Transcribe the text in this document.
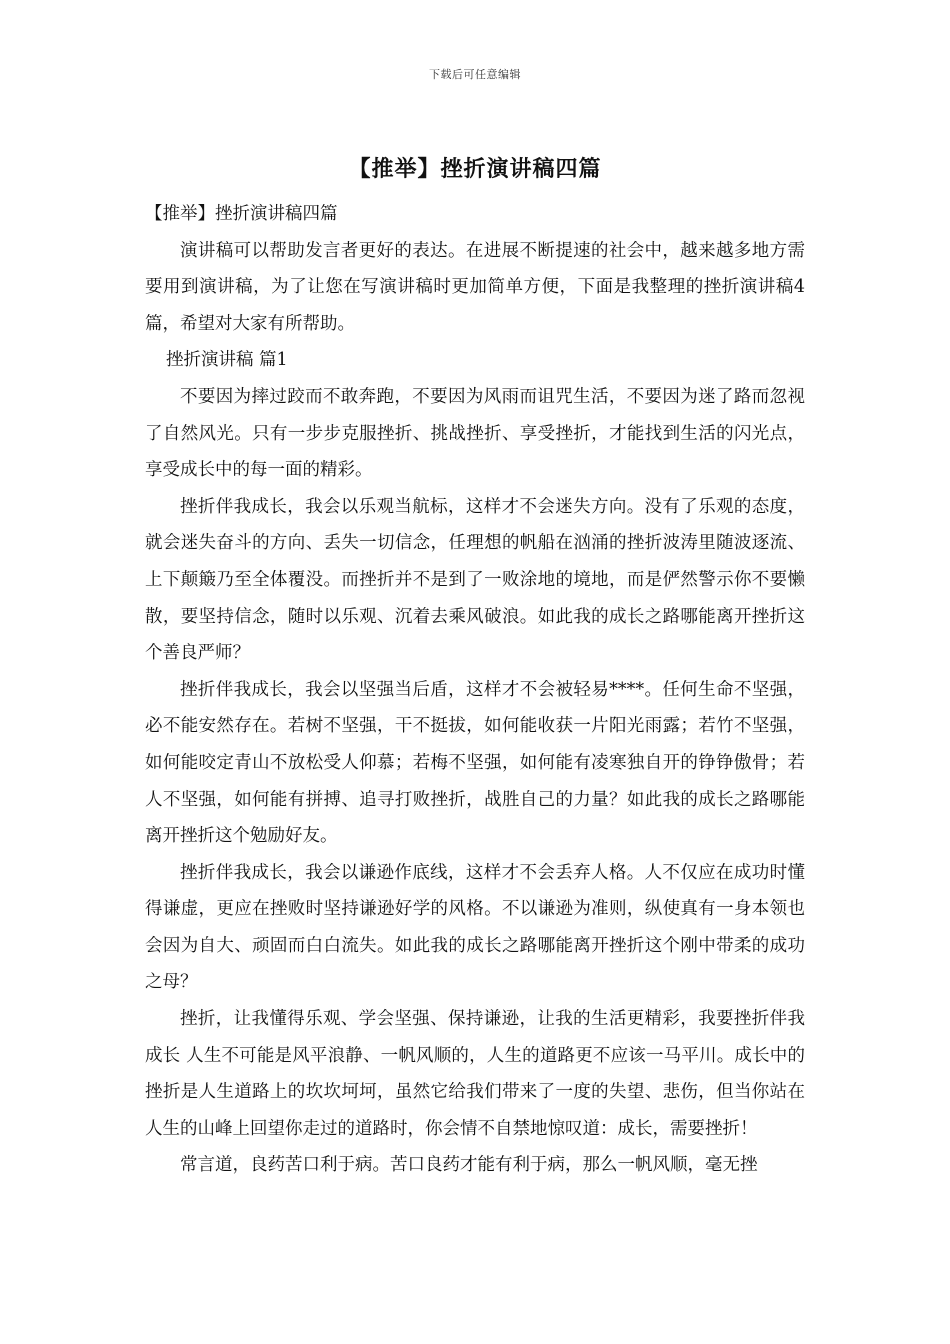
下载后可任意编辑
【推举】挫折演讲稿四篇

【推举】挫折演讲稿四篇

演讲稿可以帮助发言者更好的表达。在进展不断提速的社会中，越来越多地方需要用到演讲稿，为了让您在写演讲稿时更加简单方便，下面是我整理的挫折演讲稿4篇，希望对大家有所帮助。

挫折演讲稿 篇1

不要因为摔过跤而不敢奔跑，不要因为风雨而诅咒生活，不要因为迷了路而忽视了自然风光。只有一步步克服挫折、挑战挫折、享受挫折，才能找到生活的闪光点，享受成长中的每一面的精彩。

挫折伴我成长，我会以乐观当航标，这样才不会迷失方向。没有了乐观的态度，就会迷失奋斗的方向、丢失一切信念，任理想的帆船在汹涌的挫折波涛里随波逐流、上下颠簸乃至全体覆没。而挫折并不是到了一败涂地的境地，而是俨然警示你不要懒散，要坚持信念，随时以乐观、沉着去乘风破浪。如此我的成长之路哪能离开挫折这个善良严师？

挫折伴我成长，我会以坚强当后盾，这样才不会被轻易****。任何生命不坚强，必不能安然存在。若树不坚强，干不挺拔，如何能收获一片阳光雨露；若竹不坚强，如何能咬定青山不放松受人仰慕；若梅不坚强，如何能有凌寒独自开的铮铮傲骨；若人不坚强，如何能有拼搏、追寻打败挫折，战胜自己的力量？如此我的成长之路哪能离开挫折这个勉励好友。

挫折伴我成长，我会以谦逊作底线，这样才不会丢弃人格。人不仅应在成功时懂得谦虚，更应在挫败时坚持谦逊好学的风格。不以谦逊为准则，纵使真有一身本领也会因为自大、顽固而白白流失。如此我的成长之路哪能离开挫折这个刚中带柔的成功之母？

挫折，让我懂得乐观、学会坚强、保持谦逊，让我的生活更精彩，我要挫折伴我成长 人生不可能是风平浪静、一帆风顺的，人生的道路更不应该一马平川。成长中的挫折是人生道路上的坎坎坷坷，虽然它给我们带来了一度的失望、悲伤，但当你站在人生的山峰上回望你走过的道路时，你会情不自禁地惊叹道：成长，需要挫折！

常言道，良药苦口利于病。苦口良药才能有利于病，那么一帆风顺，毫无挫
